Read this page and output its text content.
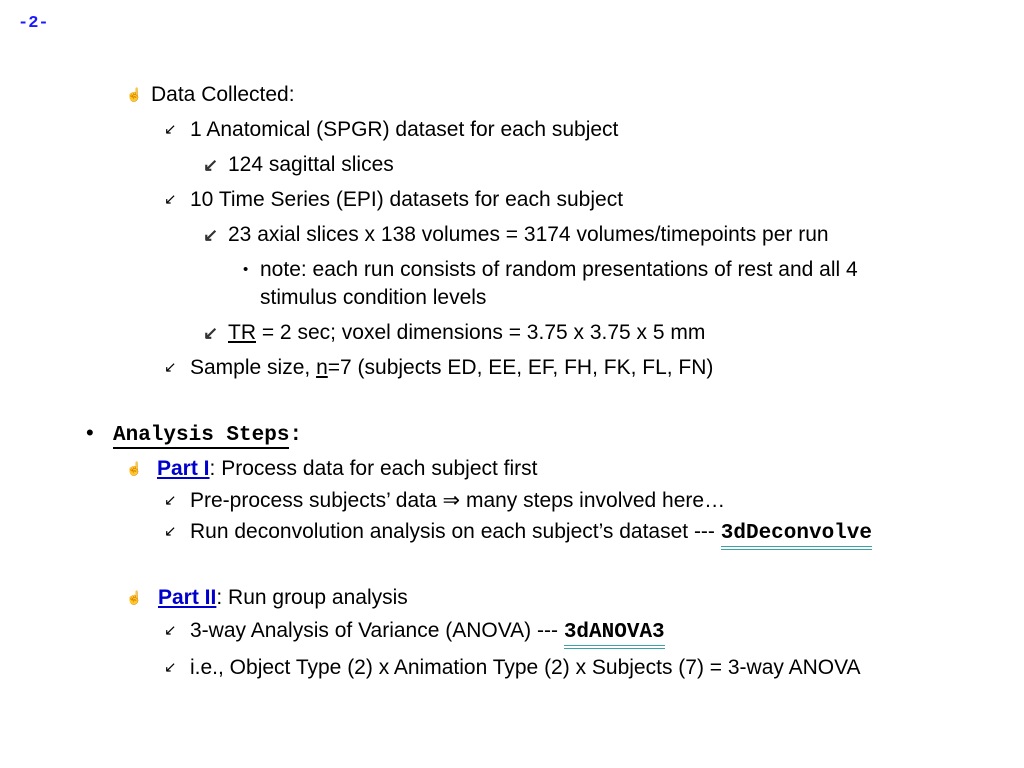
-2-
☝ Data Collected:
↙ 1 Anatomical (SPGR) dataset for each subject
↙ 124 sagittal slices
↙ 10 Time Series (EPI) datasets for each subject
↙ 23 axial slices x 138 volumes = 3174 volumes/timepoints per run
• note: each run consists of random presentations of rest and all 4
stimulus condition levels
↙ TR = 2 sec; voxel dimensions = 3.75 x 3.75 x 5 mm
↙ Sample size, n=7 (subjects ED, EE, EF, FH, FK, FL, FN)
• Analysis Steps:
☝ Part I: Process data for each subject first
↙ Pre-process subjects’ data ⇒ many steps involved here…
↙ Run deconvolution analysis on each subject’s dataset --- 3dDeconvolve
☝ Part II: Run group analysis
↙ 3-way Analysis of Variance (ANOVA) --- 3dANOVA3
↙ i.e., Object Type (2) x Animation Type (2) x Subjects (7) = 3-way ANOVA
